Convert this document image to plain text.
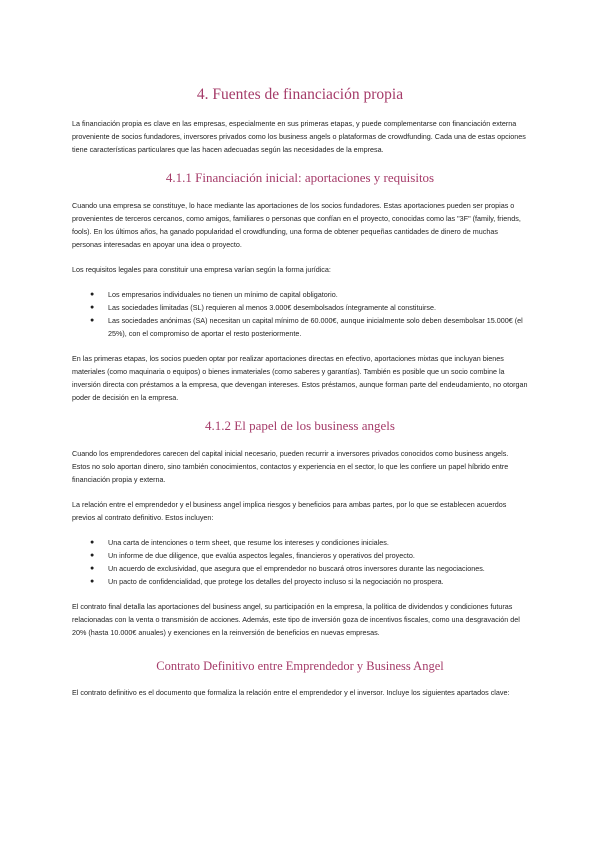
4. Fuentes de financiación propia

La financiación propia es clave en las empresas, especialmente en sus primeras etapas, y puede complementarse con financiación externa proveniente de socios fundadores, inversores privados como los business angels o plataformas de crowdfunding. Cada una de estas opciones tiene características particulares que las hacen adecuadas según las necesidades de la empresa.

4.1.1 Financiación inicial: aportaciones y requisitos

Cuando una empresa se constituye, lo hace mediante las aportaciones de los socios fundadores. Estas aportaciones pueden ser propias o provenientes de terceros cercanos, como amigos, familiares o personas que confían en el proyecto, conocidas como las "3F" (family, friends, fools). En los últimos años, ha ganado popularidad el crowdfunding, una forma de obtener pequeñas cantidades de dinero de muchas personas interesadas en apoyar una idea o proyecto.

Los requisitos legales para constituir una empresa varían según la forma jurídica:

● Los empresarios individuales no tienen un mínimo de capital obligatorio.
● Las sociedades limitadas (SL) requieren al menos 3.000€ desembolsados íntegramente al constituirse.
● Las sociedades anónimas (SA) necesitan un capital mínimo de 60.000€, aunque inicialmente solo deben desembolsar 15.000€ (el 25%), con el compromiso de aportar el resto posteriormente.

En las primeras etapas, los socios pueden optar por realizar aportaciones directas en efectivo, aportaciones mixtas que incluyan bienes materiales (como maquinaria o equipos) o bienes inmateriales (como saberes y garantías). También es posible que un socio combine la inversión directa con préstamos a la empresa, que devengan intereses. Estos préstamos, aunque forman parte del endeudamiento, no otorgan poder de decisión en la empresa.

4.1.2 El papel de los business angels

Cuando los emprendedores carecen del capital inicial necesario, pueden recurrir a inversores privados conocidos como business angels. Estos no solo aportan dinero, sino también conocimientos, contactos y experiencia en el sector, lo que les confiere un papel híbrido entre financiación propia y externa.

La relación entre el emprendedor y el business angel implica riesgos y beneficios para ambas partes, por lo que se establecen acuerdos previos al contrato definitivo. Estos incluyen:

● Una carta de intenciones o term sheet, que resume los intereses y condiciones iniciales.
● Un informe de due diligence, que evalúa aspectos legales, financieros y operativos del proyecto.
● Un acuerdo de exclusividad, que asegura que el emprendedor no buscará otros inversores durante las negociaciones.
● Un pacto de confidencialidad, que protege los detalles del proyecto incluso si la negociación no prospera.

El contrato final detalla las aportaciones del business angel, su participación en la empresa, la política de dividendos y condiciones futuras relacionadas con la venta o transmisión de acciones. Además, este tipo de inversión goza de incentivos fiscales, como una desgravación del 20% (hasta 10.000€ anuales) y exenciones en la reinversión de beneficios en nuevas empresas.

Contrato Definitivo entre Emprendedor y Business Angel

El contrato definitivo es el documento que formaliza la relación entre el emprendedor y el inversor. Incluye los siguientes apartados clave:
